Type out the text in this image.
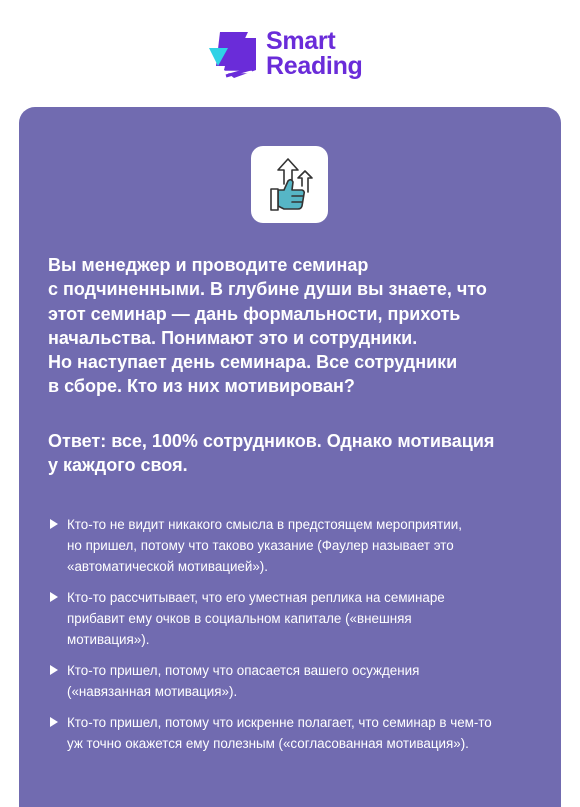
Smart
Reading

Вы менеджер и проводите семинар

с подчиненными. В глубине души вы знаете, что

этот семинар — дань формальности, прихоть

начальства. Понимают это и сотрудники.

Но наступает день семинара. Все сотрудники

в сборе. Кто из них мотивирован?

Ответ: все, 100% сотрудников. Однако мотивация

у каждого своя.

Кто-то не видит никакого смысла в предстоящем мероприятии,
но пришел, потому что таково указание (Фаулер называет это
«автоматической мотивацией»).
Кто-то рассчитывает, что его уместная реплика на семинаре
прибавит ему очков в социальном капитале («внешняя
мотивация»).
Кто-то пришел, потому что опасается вашего осуждения
(«навязанная мотивация»).
Кто-то пришел, потому что искренне полагает, что семинар в чем-то
уж точно окажется ему полезным («согласованная мотивация»).
